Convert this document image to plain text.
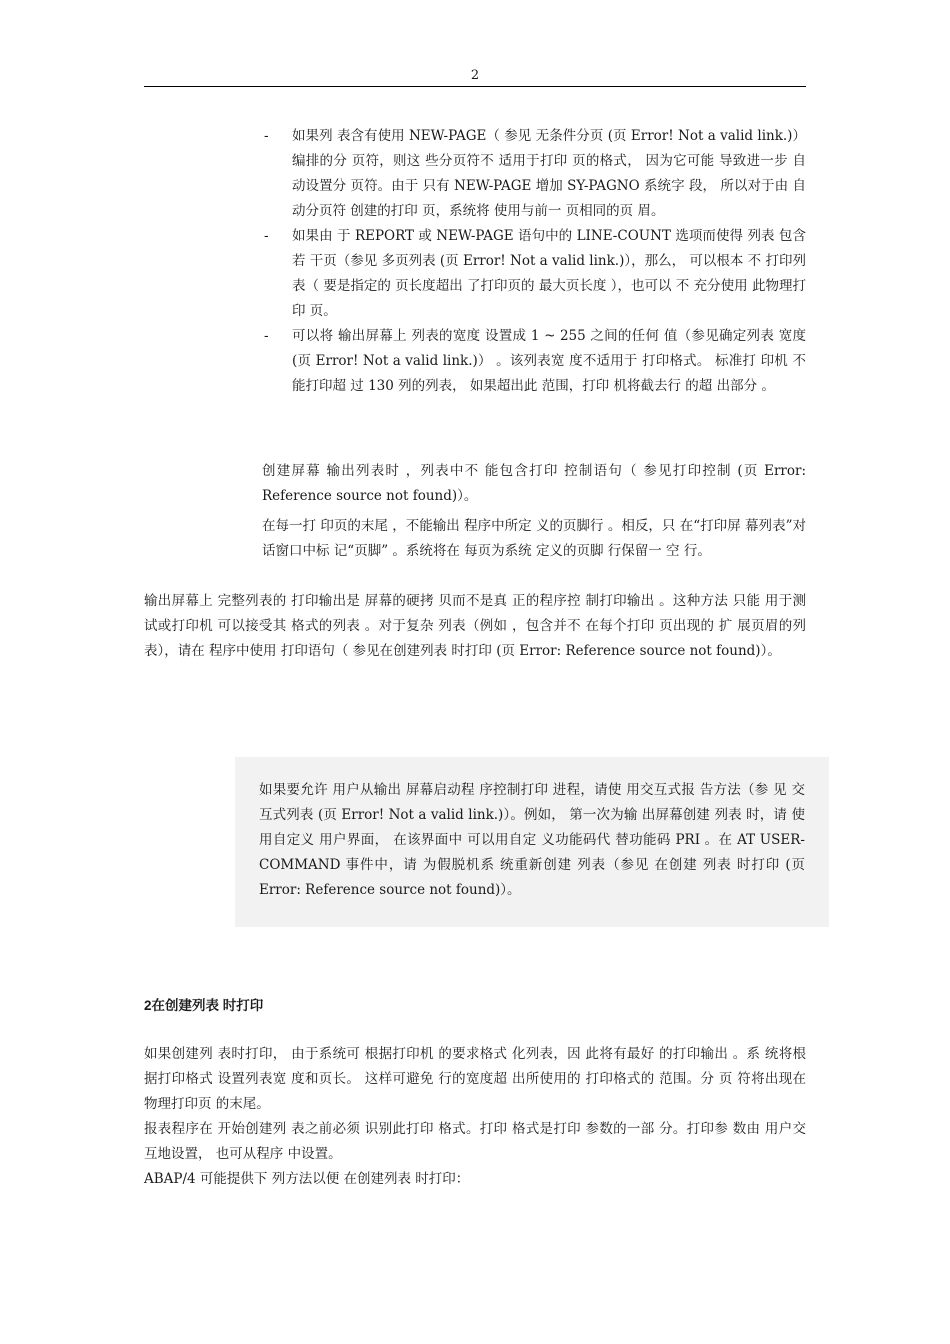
2
- 如果列 表含有使用 NEW-PAGE（ 参见 无条件分页 (页 Error! Not a valid link.)）编排的分 页符，则这 些分页符不 适用于打印 页的格式， 因为它可能 导致进一步 自动设置分 页符。由于 只有 NEW-PAGE 增加 SY-PAGNO 系统字 段， 所以对于由 自动分页符 创建的打印 页，系统将 使用与前一 页相同的页 眉。
- 如果由 于 REPORT 或 NEW-PAGE 语句中的 LINE-COUNT 选项而使得 列表 包含若 干页（参见 多页列表 (页 Error! Not a valid link.)），那么， 可以根本 不 打印列表（ 要是指定的 页长度超出 了打印页的 最大页长度 ），也可以 不 充分使用 此物理打印 页。
- 可以将 输出屏幕上 列表的宽度 设置成 1 ~ 255 之间的任何 值（参见确定列表 宽度 (页 Error! Not a valid link.)） 。该列表宽 度不适用于 打印格式。 标准打 印机 不能打印超 过 130 列的列表， 如果超出此 范围，打印 机将截去行 的超 出部分 。

创建屏幕 输出列表时 ，列表中不 能包含打印 控制语句（ 参见打印控制 (页 Error: Reference source not found)）。

在每一打 印页的末尾 ，不能输出 程序中所定 义的页脚行 。相反，只 在“打印屏 幕列表”对 话窗口中标 记“页脚” 。系统将在 每页为系统 定义的页脚 行保留一 空 行。

输出屏幕上 完整列表的 打印输出是 屏幕的硬拷 贝而不是真 正的程序控 制打印输出 。这种方法 只能 用于测 试或打印机 可以接受其 格式的列表 。对于复杂 列表（例如 ，包含并不 在每个打印 页出现的 扩 展页眉的列 表），请在 程序中使用 打印语句（ 参见在创建列表 时打印 (页 Error: Reference source not found)）。

如果要允许 用户从输出 屏幕启动程 序控制打印 进程，请使 用交互式报 告方法（参 见 交互式列表 (页 Error! Not a valid link.)）。例如， 第一次为输 出屏幕创建 列表 时，请 使用自定义 用户界面， 在该界面中 可以用自定 义功能码代 替功能码 PRI 。在 AT USER-COMMAND 事件中，请 为假脱机系 统重新创建 列表（参见 在创建 列表 时打印 (页 Error: Reference source not found)）。

2在创建列表 时打印

如果创建列 表时打印， 由于系统可 根据打印机 的要求格式 化列表，因 此将有最好 的打印输出 。系 统将根 据打印格式 设置列表宽 度和页长。 这样可避免 行的宽度超 出所使用的 打印格式的 范围。分 页 符将出现在 物理打印页 的末尾。

报表程序在 开始创建列 表之前必须 识别此打印 格式。打印 格式是打印 参数的一部 分。打印参 数由 用户交 互地设置， 也可从程序 中设置。

ABAP/4 可能提供下 列方法以便 在创建列表 时打印：
